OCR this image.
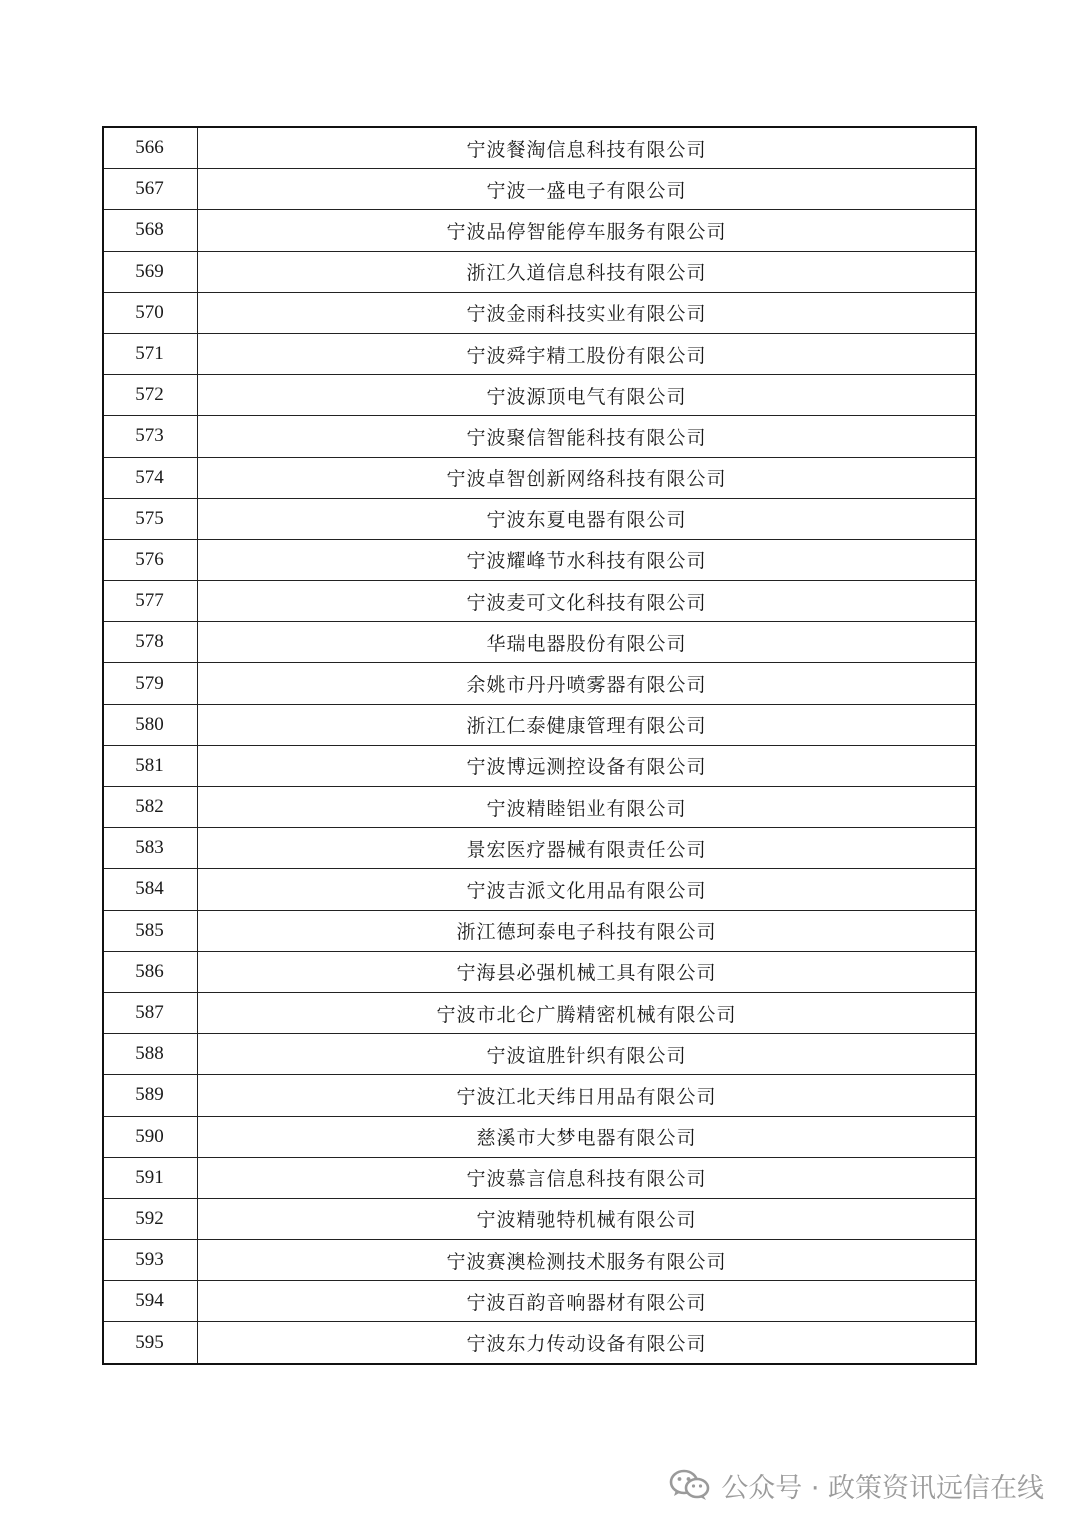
566	宁波餐淘信息科技有限公司
567	宁波一盛电子有限公司
568	宁波品停智能停车服务有限公司
569	浙江久道信息科技有限公司
570	宁波金雨科技实业有限公司
571	宁波舜宇精工股份有限公司
572	宁波源顶电气有限公司
573	宁波聚信智能科技有限公司
574	宁波卓智创新网络科技有限公司
575	宁波东夏电器有限公司
576	宁波耀峰节水科技有限公司
577	宁波麦可文化科技有限公司
578	华瑞电器股份有限公司
579	余姚市丹丹喷雾器有限公司
580	浙江仁泰健康管理有限公司
581	宁波博远测控设备有限公司
582	宁波精睦铝业有限公司
583	景宏医疗器械有限责任公司
584	宁波吉派文化用品有限公司
585	浙江德珂泰电子科技有限公司
586	宁海县必强机械工具有限公司
587	宁波市北仑广腾精密机械有限公司
588	宁波谊胜针织有限公司
589	宁波江北天纬日用品有限公司
590	慈溪市大梦电器有限公司
591	宁波慕言信息科技有限公司
592	宁波精驰特机械有限公司
593	宁波赛澳检测技术服务有限公司
594	宁波百韵音响器材有限公司
595	宁波东力传动设备有限公司
公众号 · 政策资讯远信在线
